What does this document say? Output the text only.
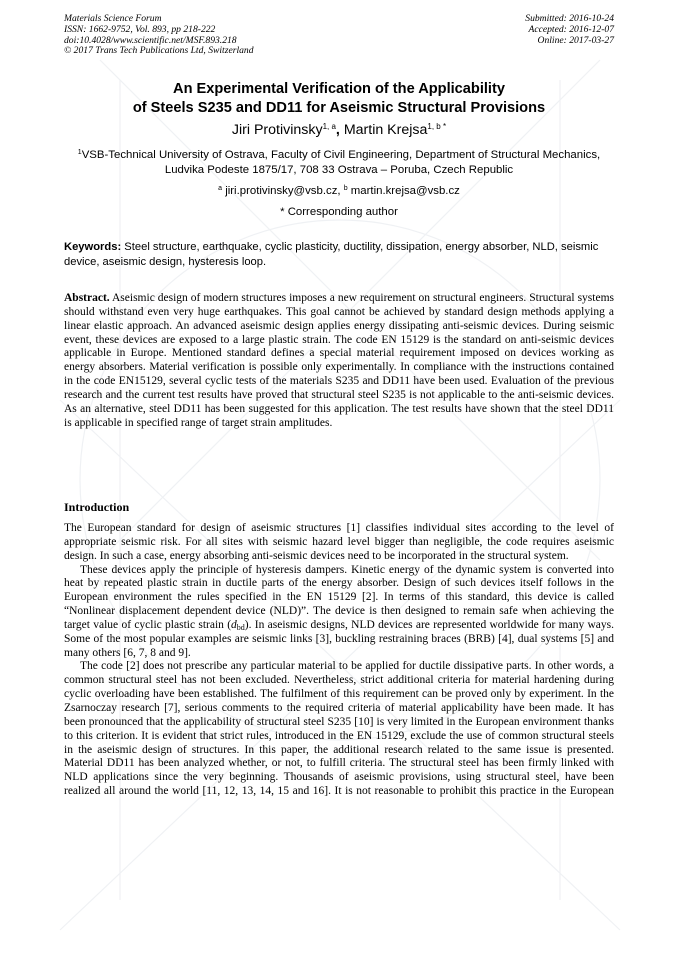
Materials Science Forum
ISSN: 1662-9752, Vol. 893, pp 218-222
doi:10.4028/www.scientific.net/MSF.893.218
© 2017 Trans Tech Publications Ltd, Switzerland
Submitted: 2016-10-24
Accepted: 2016-12-07
Online: 2017-03-27
An Experimental Verification of the Applicability
of Steels S235 and DD11 for Aseismic Structural Provisions
Jiri Protivinsky$^{1, a}$, Martin Krejsa$^{1, b *}$
$^1$VSB-Technical University of Ostrava, Faculty of Civil Engineering, Department of Structural Mechanics, Ludvika Podeste 1875/17, 708 33 Ostrava – Poruba, Czech Republic
$^a$ jiri.protivinsky@vsb.cz, $^b$ martin.krejsa@vsb.cz
* Corresponding author
Keywords: Steel structure, earthquake, cyclic plasticity, ductility, dissipation, energy absorber, NLD, seismic device, aseismic design, hysteresis loop.
Abstract. Aseismic design of modern structures imposes a new requirement on structural engineers. Structural systems should withstand even very huge earthquakes. This goal cannot be achieved by standard design methods applying a linear elastic approach. An advanced aseismic design applies energy dissipating anti-seismic devices. During seismic event, these devices are exposed to a large plastic strain. The code EN 15129 is the standard on anti-seismic devices applicable in Europe. Mentioned standard defines a special material requirement imposed on devices working as energy absorbers. Material verification is possible only experimentally. In compliance with the instructions contained in the code EN15129, several cyclic tests of the materials S235 and DD11 have been used. Evaluation of the previous research and the current test results have proved that structural steel S235 is not applicable to the anti-seismic devices. As an alternative, steel DD11 has been suggested for this application. The test results have shown that the steel DD11 is applicable in specified range of target strain amplitudes.
Introduction

The European standard for design of aseismic structures [1] classifies individual sites according to the level of appropriate seismic risk. For all sites with seismic hazard level bigger than negligible, the code requires aseismic design. In such a case, energy absorbing anti-seismic devices need to be incorporated in the structural system.

These devices apply the principle of hysteresis dampers. Kinetic energy of the dynamic system is converted into heat by repeated plastic strain in ductile parts of the energy absorber. Design of such devices itself follows in the European environment the rules specified in the EN 15129 [2]. In terms of this standard, this device is called “Nonlinear displacement dependent device (NLD)”. The device is then designed to remain safe when achieving the target value of cyclic plastic strain $(d_{bd})$. In aseismic designs, NLD devices are represented worldwide for many ways. Some of the most popular examples are seismic links [3], buckling restraining braces (BRB) [4], dual systems [5] and many others [6, 7, 8 and 9].

The code [2] does not prescribe any particular material to be applied for ductile dissipative parts. In other words, a common structural steel has not been excluded. Nevertheless, strict additional criteria for material hardening during cyclic overloading have been established. The fulfilment of this requirement can be proved only by experiment. In the Zsarnoczay research [7], serious comments to the required criteria of material applicability have been made. It has been pronounced that the applicability of structural steel S235 [10] is very limited in the European environment thanks to this criterion. It is evident that strict rules, introduced in the EN 15129, exclude the use of common structural steels in the aseismic design of structures. In this paper, the additional research related to the same issue is presented. Material DD11 has been analyzed whether, or not, to fulfill criteria. The structural steel has been firmly linked with NLD applications since the very beginning. Thousands of aseismic provisions, using structural steel, have been realized all around the world [11, 12, 13, 14, 15 and 16]. It is not reasonable to prohibit this practice in the European
